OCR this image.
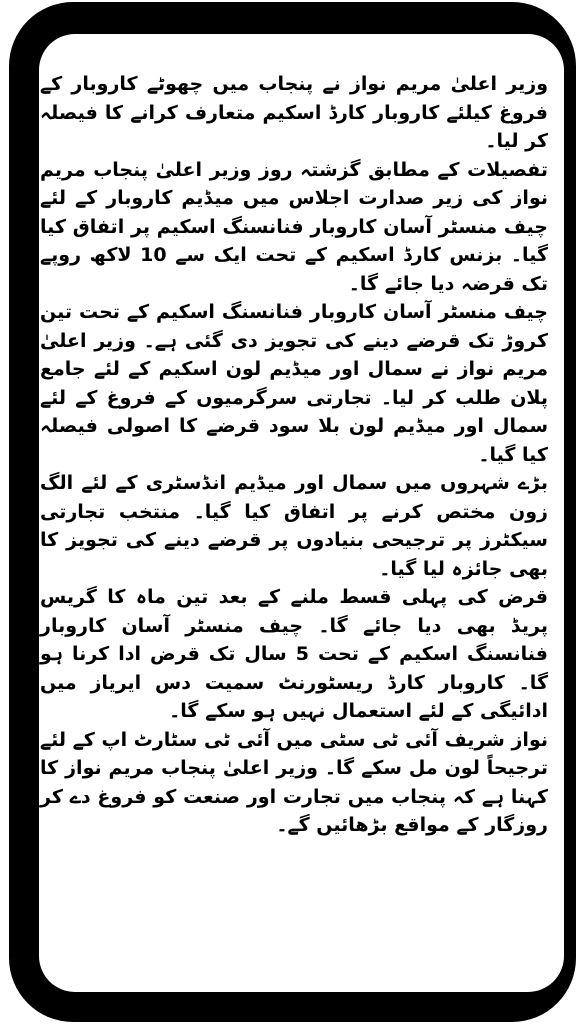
وزیر اعلیٰ مریم نواز نے پنجاب میں چھوٹے کاروبار کے فروغ کیلئے کاروبار کارڈ اسکیم متعارف کرانے کا فیصلہ کر لیا۔

تفصیلات کے مطابق گزشتہ روز وزیر اعلیٰ پنجاب مریم نواز کی زیر صدارت اجلاس میں میڈیم کاروبار کے لئے چیف منسٹر آسان کاروبار فنانسنگ اسکیم پر اتفاق کیا گیا۔ بزنس کارڈ اسکیم کے تحت ایک سے 10 لاکھ روپے تک قرضہ دیا جائے گا۔

چیف منسٹر آسان کاروبار فنانسنگ اسکیم کے تحت تین کروڑ تک قرضے دینے کی تجویز دی گئی ہے۔ وزیر اعلیٰ مریم نواز نے سمال اور میڈیم لون اسکیم کے لئے جامع پلان طلب کر لیا۔ تجارتی سرگرمیوں کے فروغ کے لئے سمال اور میڈیم لون بلا سود قرضے کا اصولی فیصلہ کیا گیا۔

بڑے شہروں میں سمال اور میڈیم انڈسٹری کے لئے الگ زون مختص کرنے پر اتفاق کیا گیا۔ منتخب تجارتی سیکٹرز پر ترجیحی بنیادوں پر قرضے دینے کی تجویز کا بھی جائزہ لیا گیا۔

قرض کی پہلی قسط ملنے کے بعد تین ماہ کا گریس پریڈ بھی دیا جائے گا۔ چیف منسٹر آسان کاروبار فنانسنگ اسکیم کے تحت 5 سال تک قرض ادا کرنا ہو گا۔ کاروبار کارڈ ریسٹورنٹ سمیت دس ایریاز میں ادائیگی کے لئے استعمال نہیں ہو سکے گا۔

نواز شریف آئی ٹی سٹی میں آئی ٹی سٹارٹ اپ کے لئے ترجیحاً لون مل سکے گا۔ وزیر اعلیٰ پنجاب مریم نواز کا کہنا ہے کہ پنجاب میں تجارت اور صنعت کو فروغ دے کر روزگار کے مواقع بڑھائیں گے۔
